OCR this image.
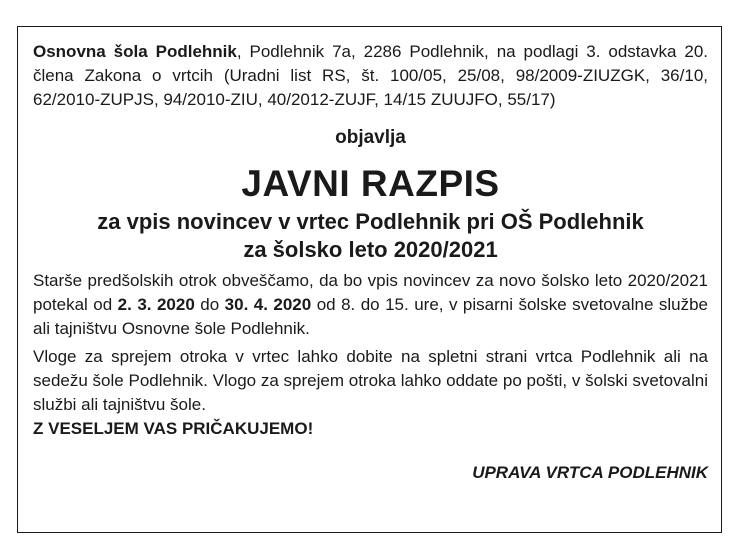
Osnovna šola Podlehnik, Podlehnik 7a, 2286 Podlehnik, na podlagi 3. odstavka 20. člena Zakona o vrtcih (Uradni list RS, št. 100/05, 25/08, 98/2009-ZIUZGK, 36/10, 62/2010-ZUPJS, 94/2010-ZIU, 40/2012-ZUJF, 14/15 ZUUJFO, 55/17)

objavlja
JAVNI RAZPIS
za vpis novincev v vrtec Podlehnik pri OŠ Podlehnik
za šolsko leto 2020/2021

Starše predšolskih otrok obveščamo, da bo vpis novincev za novo šolsko leto 2020/2021 potekal od 2. 3. 2020 do 30. 4. 2020 od 8. do 15. ure, v pisarni šolske svetovalne službe ali tajništvu Osnovne šole Podlehnik.

Vloge za sprejem otroka v vrtec lahko dobite na spletni strani vrtca Podlehnik ali na sedežu šole Podlehnik. Vlogo za sprejem otroka lahko oddate po pošti, v šolski svetovalni službi ali tajništvu šole.

Z VESELJEM VAS PRIČAKUJEMO!
UPRAVA VRTCA PODLEHNIK
